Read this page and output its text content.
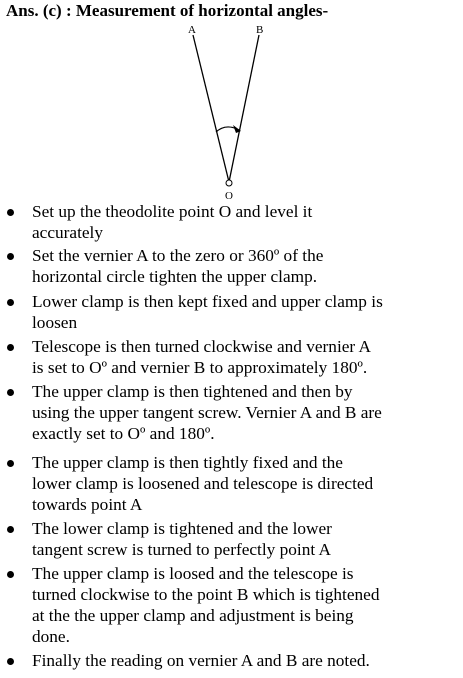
Ans. (c) : Measurement of horizontal angles-
A	B
O
Set up the theodolite point O and level it
accurately
Set the vernier A to the zero or 360º of the
horizontal circle tighten the upper clamp.
Lower clamp is then kept fixed and upper clamp is
loosen
Telescope is then turned clockwise and vernier A
is set to Oº and vernier B to approximately 180º.
The upper clamp is then tightened and then by
using the upper tangent screw. Vernier A and B are
exactly set to Oº and 180º.
The upper clamp is then tightly fixed and the
lower clamp is loosened and telescope is directed
towards point A
The lower clamp is tightened and the lower
tangent screw is turned to perfectly point A
The upper clamp is loosed and the telescope is
turned clockwise to the point B which is tightened
at the the upper clamp and adjustment is being
done.
Finally the reading on vernier A and B are noted.
